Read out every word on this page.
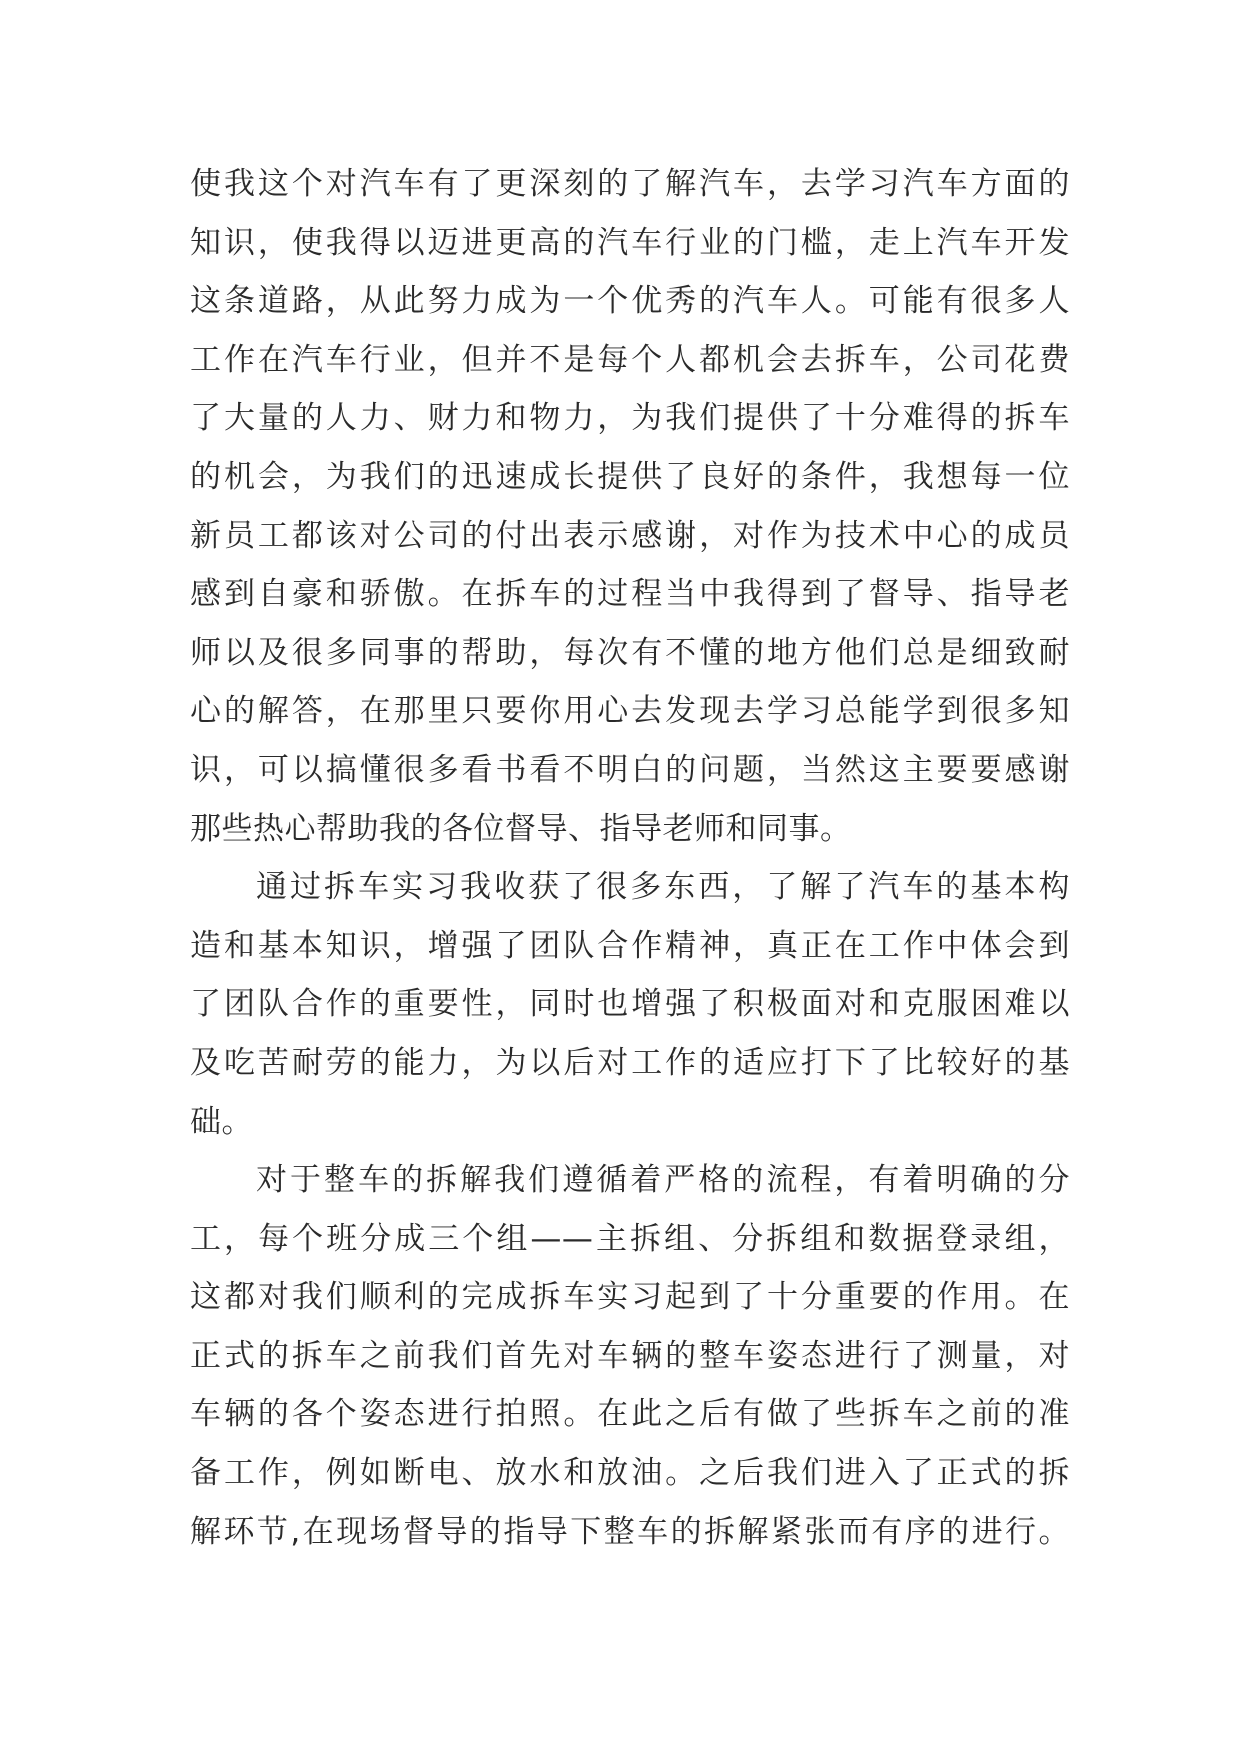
使我这个对汽车有了更深刻的了解汽车，去学习汽车方面的
知识，使我得以迈进更高的汽车行业的门槛，走上汽车开发
这条道路，从此努力成为一个优秀的汽车人。可能有很多人
工作在汽车行业，但并不是每个人都机会去拆车，公司花费
了大量的人力、财力和物力，为我们提供了十分难得的拆车
的机会，为我们的迅速成长提供了良好的条件，我想每一位
新员工都该对公司的付出表示感谢，对作为技术中心的成员
感到自豪和骄傲。在拆车的过程当中我得到了督导、指导老
师以及很多同事的帮助，每次有不懂的地方他们总是细致耐
心的解答，在那里只要你用心去发现去学习总能学到很多知
识，可以搞懂很多看书看不明白的问题，当然这主要要感谢
那些热心帮助我的各位督导、指导老师和同事。
通过拆车实习我收获了很多东西，了解了汽车的基本构
造和基本知识，增强了团队合作精神，真正在工作中体会到
了团队合作的重要性，同时也增强了积极面对和克服困难以
及吃苦耐劳的能力，为以后对工作的适应打下了比较好的基
础。
对于整车的拆解我们遵循着严格的流程，有着明确的分
工，每个班分成三个组——主拆组、分拆组和数据登录组，
这都对我们顺利的完成拆车实习起到了十分重要的作用。在
正式的拆车之前我们首先对车辆的整车姿态进行了测量，对
车辆的各个姿态进行拍照。在此之后有做了些拆车之前的准
备工作，例如断电、放水和放油。之后我们进入了正式的拆
解环节,在现场督导的指导下整车的拆解紧张而有序的进行。
